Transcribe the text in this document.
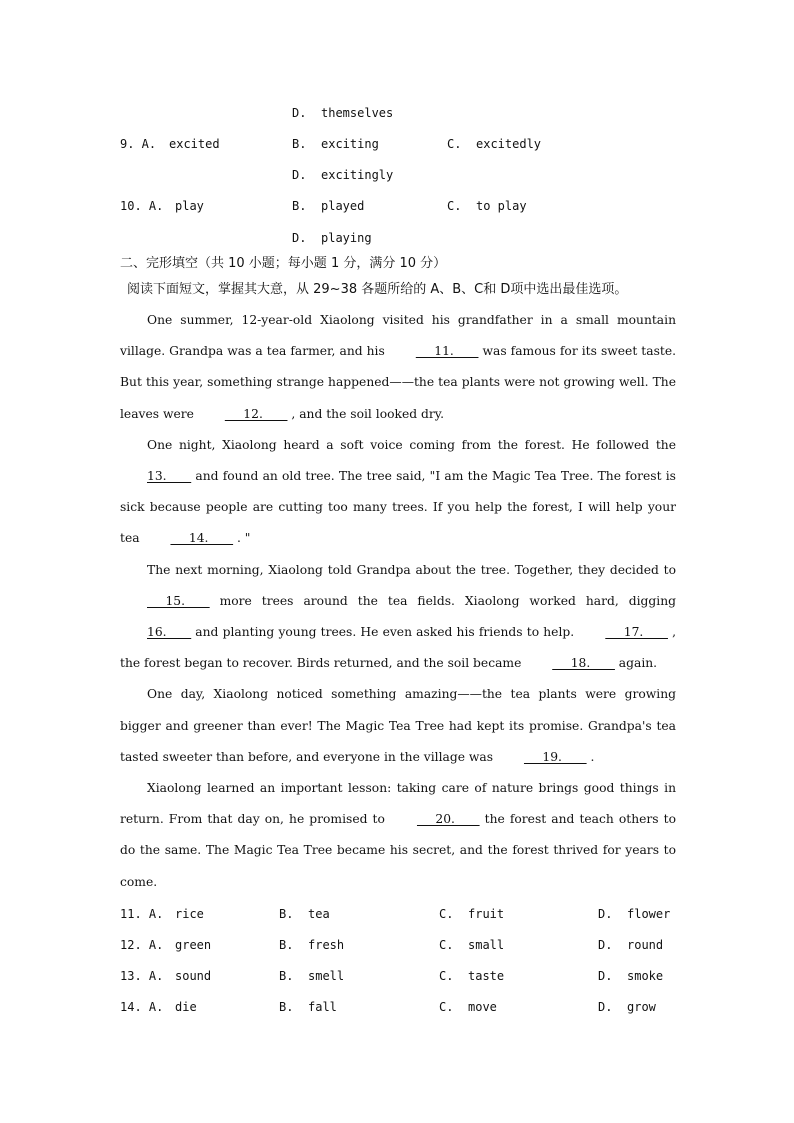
D. themselves
9. A. excited	B. exciting	C. excitedly
D. excitingly
10. A. play	B. played	C. to play
D. playing
二、完形填空（共 10 小题；每小题 1 分，满分 10 分）
阅读下面短文，掌握其大意，从 29~38 各题所给的 A、B、C和 D项中选出最佳选项。

One summer, 12-year-old Xiaolong visited his grandfather in a small mountain village. Grandpa was a tea farmer, and his ___11.____ was famous for its sweet taste. But this year, something strange happened——the tea plants were not growing well. The leaves were ___12.____ , and the soil looked dry.

One night, Xiaolong heard a soft voice coming from the forest. He followed the 13.____ and found an old tree. The tree said, "I am the Magic Tea Tree. The forest is sick because people are cutting too many trees. If you help the forest, I will help your tea ___14.____ . "

The next morning, Xiaolong told Grandpa about the tree. Together, they decided to ___15.____ more trees around the tea fields. Xiaolong worked hard, digging 16.____ and planting young trees. He even asked his friends to help. ___17.____ , the forest began to recover. Birds returned, and the soil became ___18.____ again.

One day, Xiaolong noticed something amazing——the tea plants were growing bigger and greener than ever! The Magic Tea Tree had kept its promise. Grandpa's tea tasted sweeter than before, and everyone in the village was ___19.____ .

Xiaolong learned an important lesson: taking care of nature brings good things in return. From that day on, he promised to ___20.____ the forest and teach others to do the same. The Magic Tea Tree became his secret, and the forest thrived for years to come.

11. A. rice	B. tea	C. fruit	D. flower
12. A. green	B. fresh	C. small	D. round
13. A. sound	B. smell	C. taste	D. smoke
14. A. die	B. fall	C. move	D. grow
